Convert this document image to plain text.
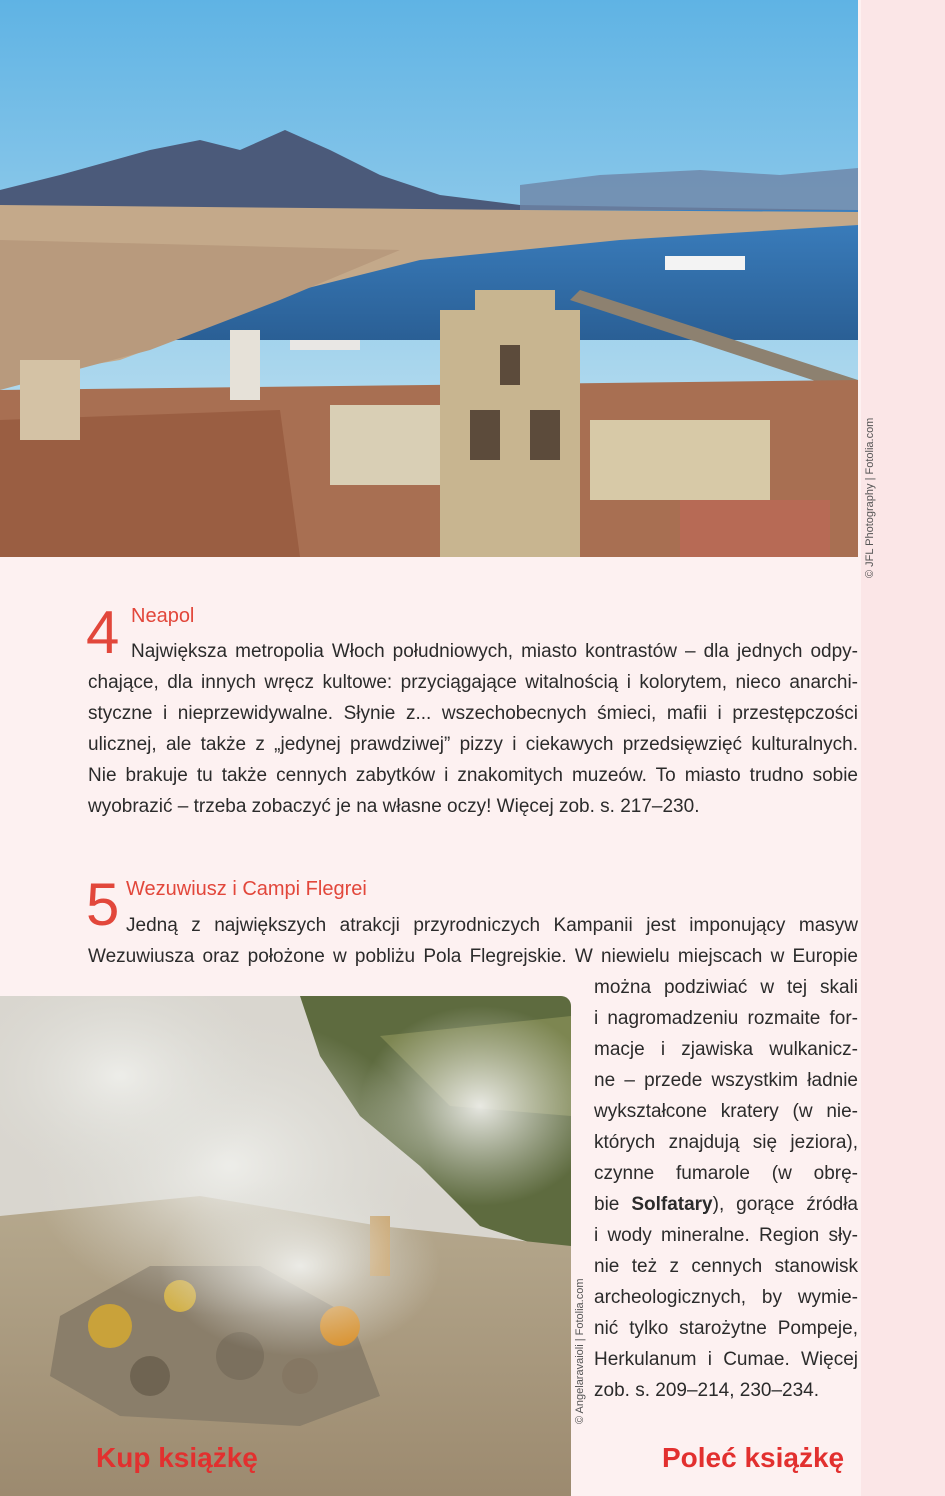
© JFL Photography | Fotolia.com
4 Neapol
Największa metropolia Włoch południowych, miasto kontrastów – dla jednych odpy-
chające, dla innych wręcz kultowe: przyciągające witalnością i kolorytem, nieco anarchi-
styczne i nieprzewidywalne. Słynie z... wszechobecnych śmieci, mafii i przestępczości
ulicznej, ale także z „jedynej prawdziwej” pizzy i ciekawych przedsięwzięć kulturalnych.
Nie brakuje tu także cennych zabytków i znakomitych muzeów. To miasto trudno sobie
wyobrazić – trzeba zobaczyć je na własne oczy! Więcej zob. s. 217–230.
5 Wezuwiusz i Campi Flegrei
Jedną z największych atrakcji przyrodniczych Kampanii jest imponujący masyw
Wezuwiusza oraz położone w pobliżu Pola Flegrejskie. W niewielu miejscach w Europie
można podziwiać w tej skali
i nagromadzeniu rozmaite for-
macje i zjawiska wulkanicz-
ne – przede wszystkim ładnie
wykształcone kratery (w nie-
których znajdują się jeziora),
czynne fumarole (w obrę-
bie Solfatary), gorące źródła
i wody mineralne. Region sły-
nie też z cennych stanowisk
archeologicznych, by wymie-
nić tylko starożytne Pompeje,
Herkulanum i Cumae. Więcej
zob. s. 209–214, 230–234.
© Angelaravaioli | Fotolia.com
Kup książkę	Poleć książkę
